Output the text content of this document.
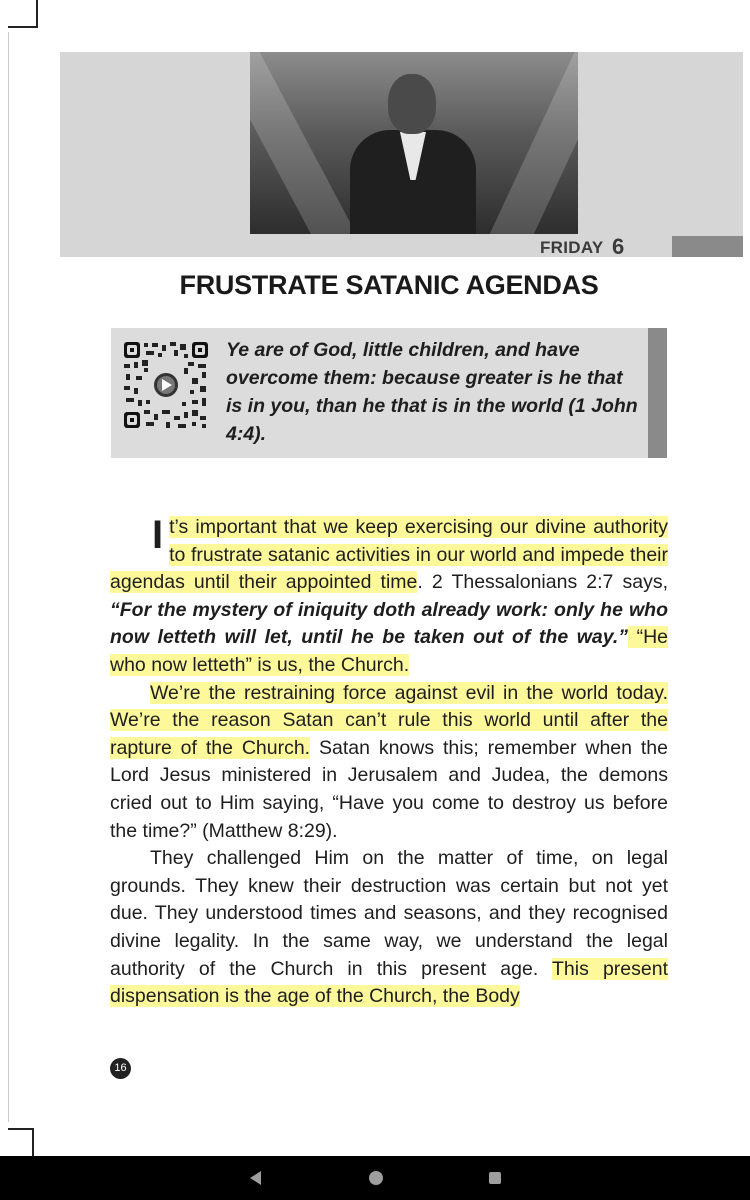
FRIDAY 6
FRUSTRATE SATANIC AGENDAS
Ye are of God, little children, and have overcome them: because greater is he that is in you, than he that is in the world (1 John 4:4).

It’s important that we keep exercising our divine authority to frustrate satanic activities in our world and impede their agendas until their appointed time. 2 Thessalonians 2:7 says, “For the mystery of iniquity doth already work: only he who now letteth will let, until he be taken out of the way.” “He who now letteth” is us, the Church.

We’re the restraining force against evil in the world today. We’re the reason Satan can’t rule this world until after the rapture of the Church. Satan knows this; remember when the Lord Jesus ministered in Jerusalem and Judea, the demons cried out to Him saying, “Have you come to destroy us before the time?” (Matthew 8:29).

They challenged Him on the matter of time, on legal grounds. They knew their destruction was certain but not yet due. They understood times and seasons, and they recognised divine legality. In the same way, we understand the legal authority of the Church in this present age. This present dispensation is the age of the Church, the Body

16
